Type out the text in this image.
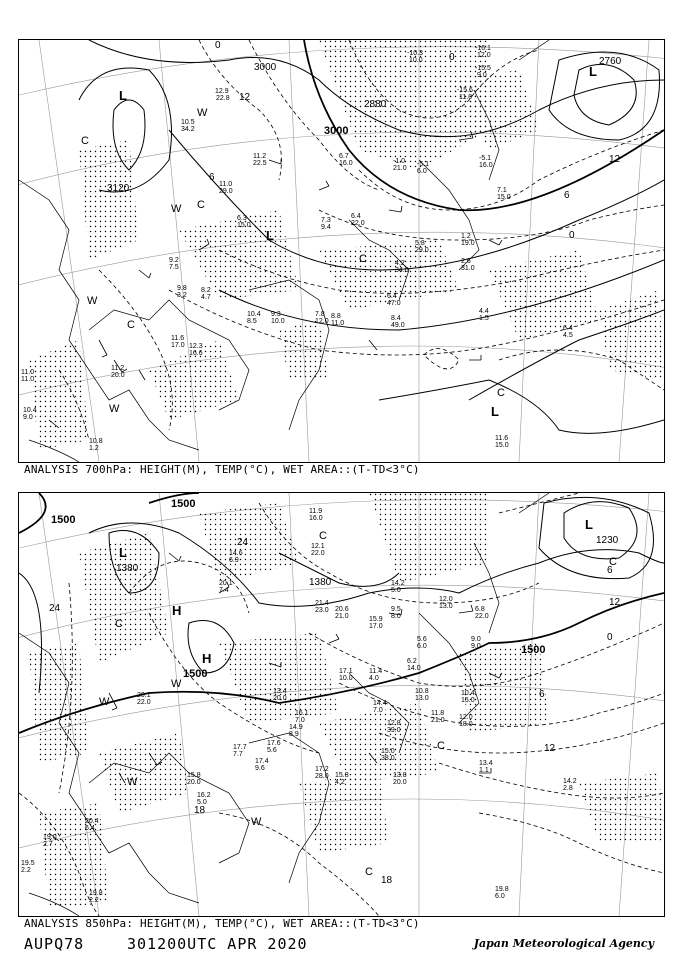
3000
3120
2760
2880
3000
0
6
12
6
0
12
0
L
L
L
L
C
C
C
W
W
W
C
C
W
-16.1
12.0
-10.3
10.0
-15.5
9.0
-15.6
11.0
12.9
22.8
10.5
34.2
11.2
22.5
11.0
29.0
6.7
16.0	-1.0
21.0
-5.1
6.0
-5.1
16.0
7.1
15.0
7.3
9.4
6.4
22.0
5.8
29.0
4.2
34.0
2.6
31.0
1.2
19.0
6.3
15.0
9.2
7.5
9.8
3.2
8.2
4.7
10.4
8.5
9.3
10.0
7.8
12.0
8.8
11.0
8.4
49.0
6.4
47.0
4.4
1.5
6.4
4.5
11.6
17.0 12.3
16.6
11.2
20.0
11.0
11.0
10.4
9.0
10.8
1.2
11.6
15.0
ANALYSIS 700hPa: HEIGHT(M), TEMP(°C), WET AREA::(T-TD<3°C)
1500
1500
1500
1500
1380
1380
1230
24
24
18
12
6
0
6
12
18
L
L
H
H
C
C
W
W
C
C
W
C
W
11.9
16.0
20.1
7.4
14.6
6.9
12.1
22.0
21.4
23.0 20.6
21.0	15.9
17.0
9.5
8.0
12.0
13.0	6.8
22.0
5.6
6.0
9.0
9.0
14.2
5.0
6.2
14.0
17.1
10.0
11.4
4.0
14.4
7.0
12.8
39.0
10.8
13.0
11.8
21.0 12.0
18.0
10.4
15.0
15.0
38.0
13.8
20.0
13.4
1.1
14.2
2.8
17.2
28.0 15.8
4.2
17.6
5.6
17.4
9.6
17.7
7.7
16.1
7.0
14.9
8.9
20.4
6.4
16.2
5.0
19.8
2.2
19.0
2.7
19.8
6.0
19.5
2.2
15.8
20.0
13.4
20.0
20.1
22.0
ANALYSIS 850hPa: HEIGHT(M), TEMP(°C), WET AREA::(T-TD<3°C)
AUPQ78	301200UTC APR 2020	Japan Meteorological Agency
